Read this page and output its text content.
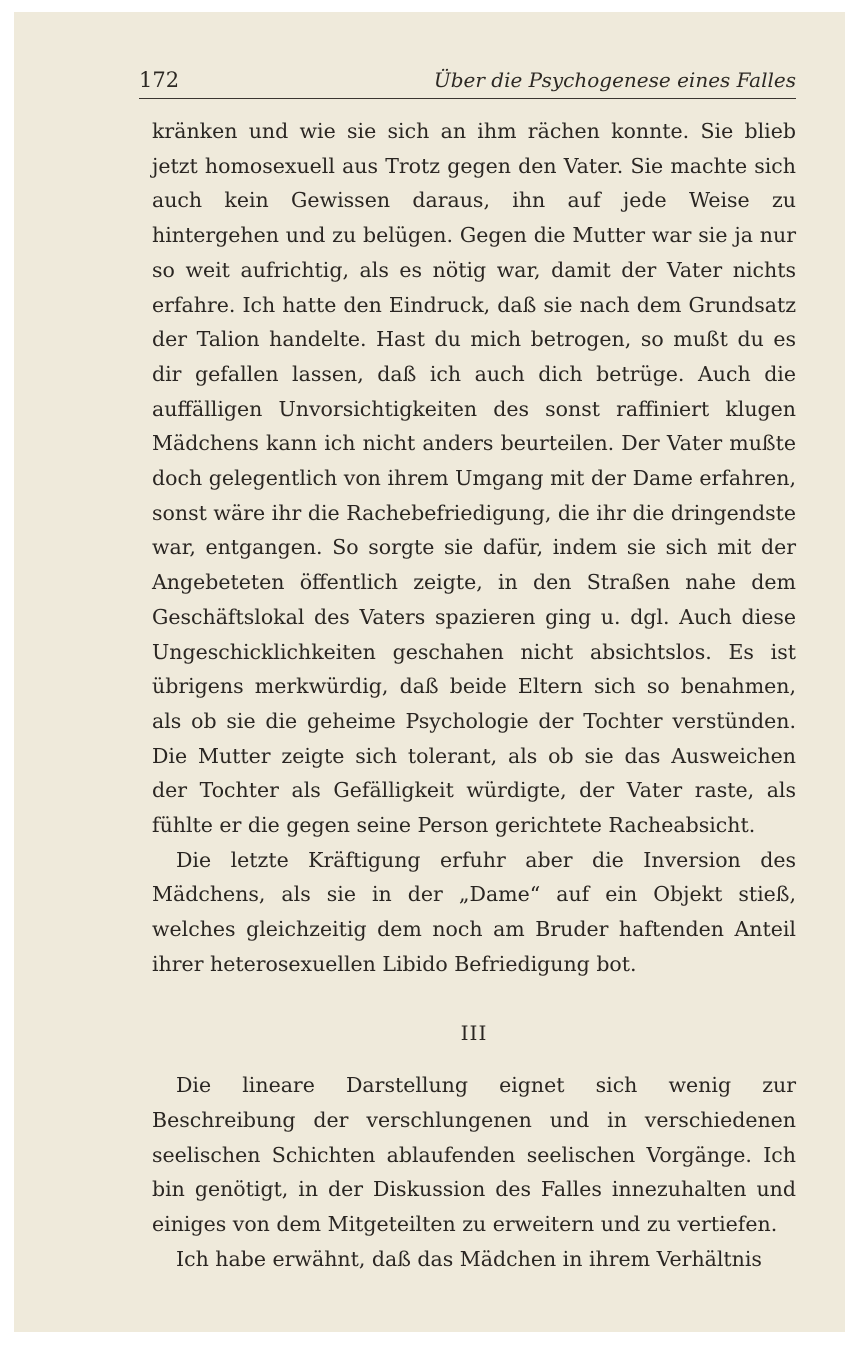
172	Über die Psychogenese eines Falles

kränken und wie sie sich an ihm rächen konnte. Sie blieb jetzt homosexuell aus Trotz gegen den Vater. Sie machte sich auch kein Gewissen daraus, ihn auf jede Weise zu hintergehen und zu belügen. Gegen die Mutter war sie ja nur so weit aufrichtig, als es nötig war, damit der Vater nichts erfahre. Ich hatte den Eindruck, daß sie nach dem Grundsatz der Talion handelte. Hast du mich betrogen, so mußt du es dir gefallen lassen, daß ich auch dich betrüge. Auch die auffälligen Unvorsichtigkeiten des sonst raffiniert klugen Mädchens kann ich nicht anders beurteilen. Der Vater mußte doch gelegentlich von ihrem Umgang mit der Dame erfahren, sonst wäre ihr die Rachebefriedigung, die ihr die dringendste war, entgangen. So sorgte sie dafür, indem sie sich mit der Angebeteten öffentlich zeigte, in den Straßen nahe dem Geschäftslokal des Vaters spazieren ging u. dgl. Auch diese Ungeschicklichkeiten geschahen nicht absichtslos. Es ist übrigens merkwürdig, daß beide Eltern sich so benahmen, als ob sie die geheime Psychologie der Tochter verstünden. Die Mutter zeigte sich tolerant, als ob sie das Ausweichen der Tochter als Gefälligkeit würdigte, der Vater raste, als fühlte er die gegen seine Person gerichtete Racheabsicht.

Die letzte Kräftigung erfuhr aber die Inversion des Mädchens, als sie in der „Dame“ auf ein Objekt stieß, welches gleichzeitig dem noch am Bruder haftenden Anteil ihrer heterosexuellen Libido Befriedigung bot.

III

Die lineare Darstellung eignet sich wenig zur Beschreibung der verschlungenen und in verschiedenen seelischen Schichten ablaufenden seelischen Vorgänge. Ich bin genötigt, in der Diskussion des Falles innezuhalten und einiges von dem Mitgeteilten zu erweitern und zu vertiefen.

Ich habe erwähnt, daß das Mädchen in ihrem Verhältnis
